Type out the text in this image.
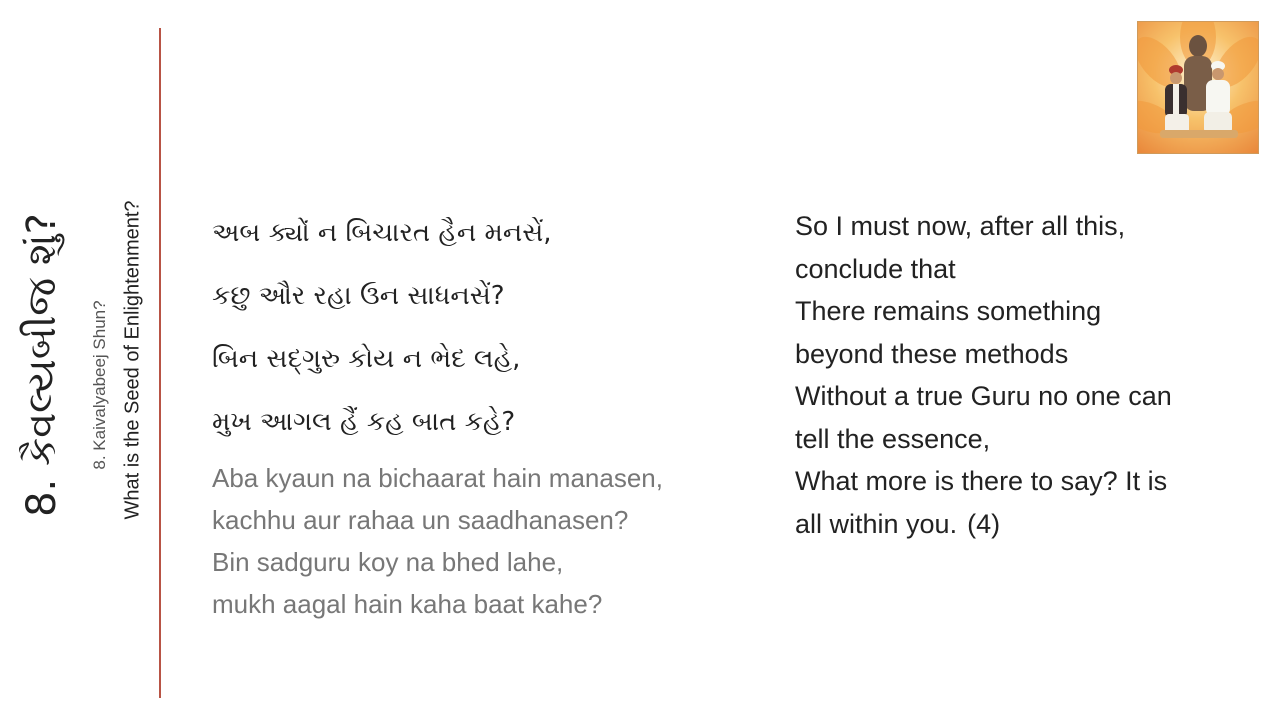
8. કૈવલ્યબીજ શું? 8. Kaivalyabeej Shun? What is the Seed of Enlightenment?	અબ ક્યોં ન બિચારત હૈન મનસેં,
કછુ ઔર રહા ઉન સાધનસેં?
બિન સદ્ગુરુ કોય ન ભેદ લહે,
મુખ આગલ હૈં કહ બાત કહે?
Aba kyaun na bichaarat hain manasen,
kachhu aur rahaa un saadhanasen?
Bin sadguru koy na bhed lahe,
mukh aagal hain kaha baat kahe?
So I must now, after all this,
conclude that
There remains something
beyond these methods
Without a true Guru no one can
tell the essence,
What more is there to say? It is
all within you. (4)
